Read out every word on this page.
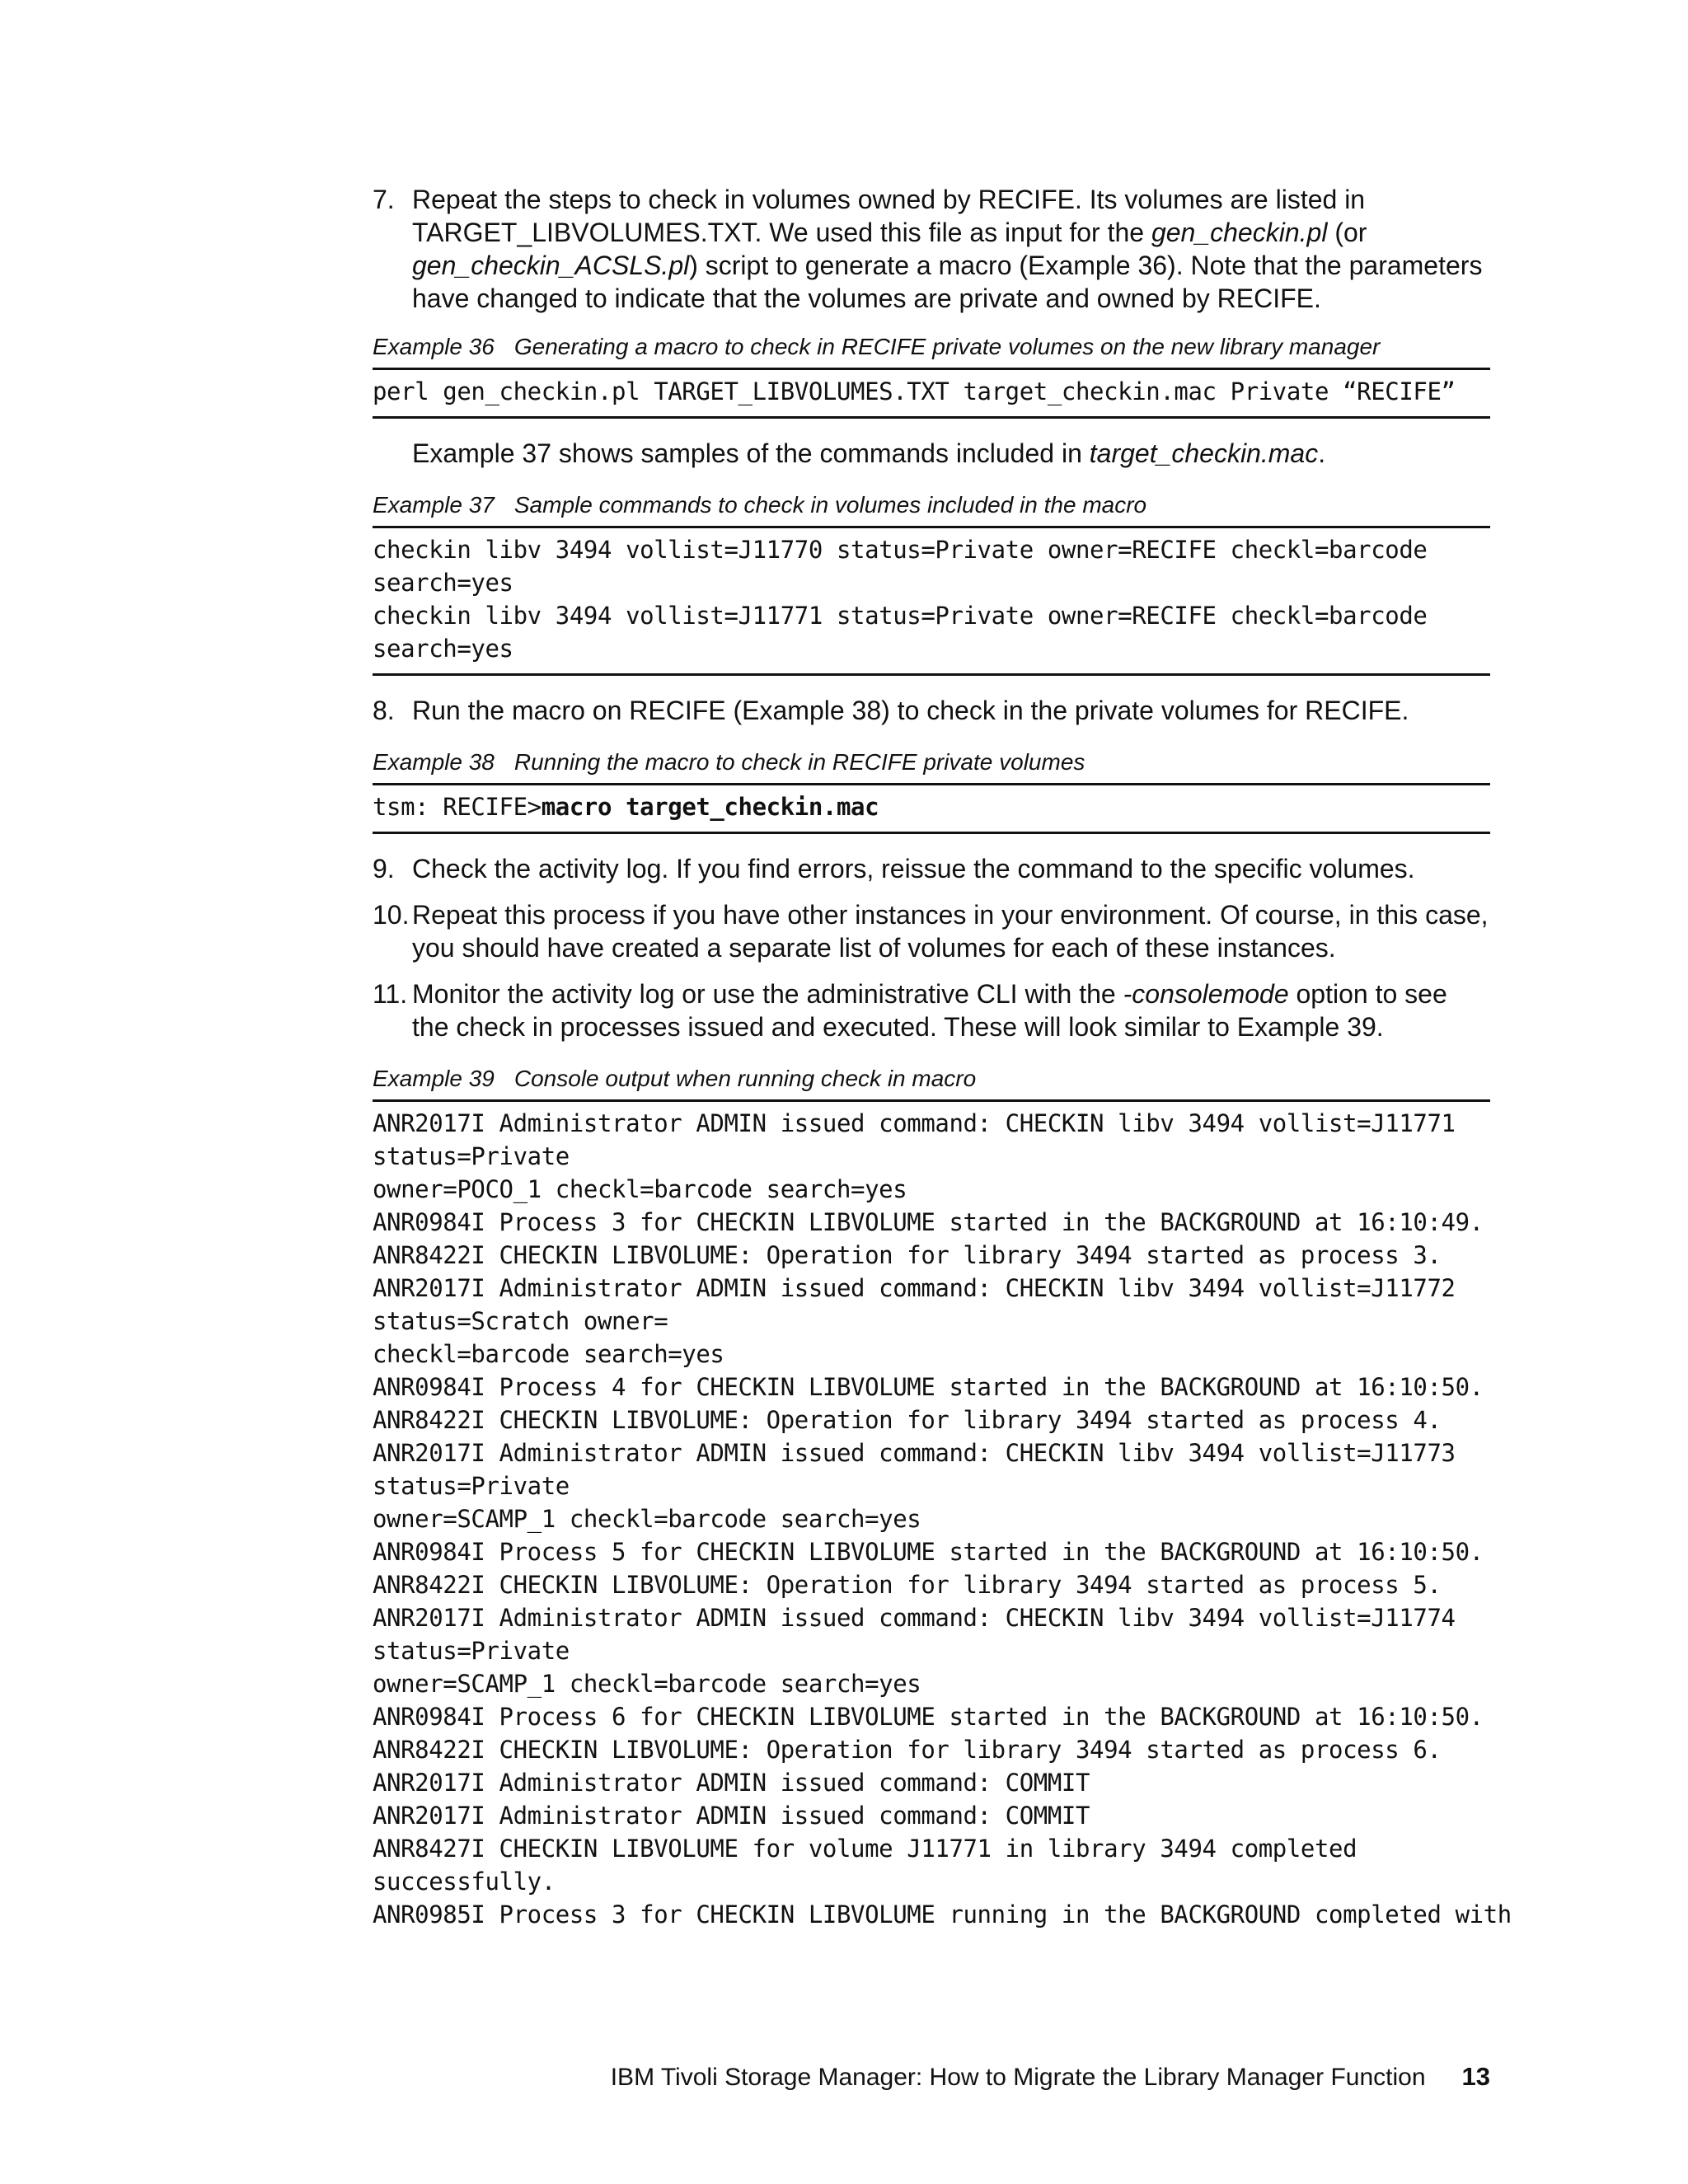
7. Repeat the steps to check in volumes owned by RECIFE. Its volumes are listed in TARGET_LIBVOLUMES.TXT. We used this file as input for the gen_checkin.pl (or gen_checkin_ACSLS.pl) script to generate a macro (Example 36). Note that the parameters have changed to indicate that the volumes are private and owned by RECIFE.

Example 36 Generating a macro to check in RECIFE private volumes on the new library manager
perl gen_checkin.pl TARGET_LIBVOLUMES.TXT target_checkin.mac Private “RECIFE”
Example 37 shows samples of the commands included in target_checkin.mac.
Example 37 Sample commands to check in volumes included in the macro
checkin libv 3494 vollist=J11770 status=Private owner=RECIFE checkl=barcode
search=yes
checkin libv 3494 vollist=J11771 status=Private owner=RECIFE checkl=barcode
search=yes
8. Run the macro on RECIFE (Example 38) to check in the private volumes for RECIFE.

Example 38 Running the macro to check in RECIFE private volumes
tsm: RECIFE>macro target_checkin.mac
9. Check the activity log. If you find errors, reissue the command to the specific volumes.

10. Repeat this process if you have other instances in your environment. Of course, in this case, you should have created a separate list of volumes for each of these instances.

11. Monitor the activity log or use the administrative CLI with the -consolemode option to see the check in processes issued and executed. These will look similar to Example 39.

Example 39 Console output when running check in macro
ANR2017I Administrator ADMIN issued command: CHECKIN libv 3494 vollist=J11771
status=Private
owner=POCO_1 checkl=barcode search=yes
ANR0984I Process 3 for CHECKIN LIBVOLUME started in the BACKGROUND at 16:10:49.
ANR8422I CHECKIN LIBVOLUME: Operation for library 3494 started as process 3.
ANR2017I Administrator ADMIN issued command: CHECKIN libv 3494 vollist=J11772
status=Scratch owner=
checkl=barcode search=yes
ANR0984I Process 4 for CHECKIN LIBVOLUME started in the BACKGROUND at 16:10:50.
ANR8422I CHECKIN LIBVOLUME: Operation for library 3494 started as process 4.
ANR2017I Administrator ADMIN issued command: CHECKIN libv 3494 vollist=J11773
status=Private
owner=SCAMP_1 checkl=barcode search=yes
ANR0984I Process 5 for CHECKIN LIBVOLUME started in the BACKGROUND at 16:10:50.
ANR8422I CHECKIN LIBVOLUME: Operation for library 3494 started as process 5.
ANR2017I Administrator ADMIN issued command: CHECKIN libv 3494 vollist=J11774
status=Private
owner=SCAMP_1 checkl=barcode search=yes
ANR0984I Process 6 for CHECKIN LIBVOLUME started in the BACKGROUND at 16:10:50.
ANR8422I CHECKIN LIBVOLUME: Operation for library 3494 started as process 6.
ANR2017I Administrator ADMIN issued command: COMMIT
ANR2017I Administrator ADMIN issued command: COMMIT
ANR8427I CHECKIN LIBVOLUME for volume J11771 in library 3494 completed
successfully.
ANR0985I Process 3 for CHECKIN LIBVOLUME running in the BACKGROUND completed with
IBM Tivoli Storage Manager: How to Migrate the Library Manager Function 13
